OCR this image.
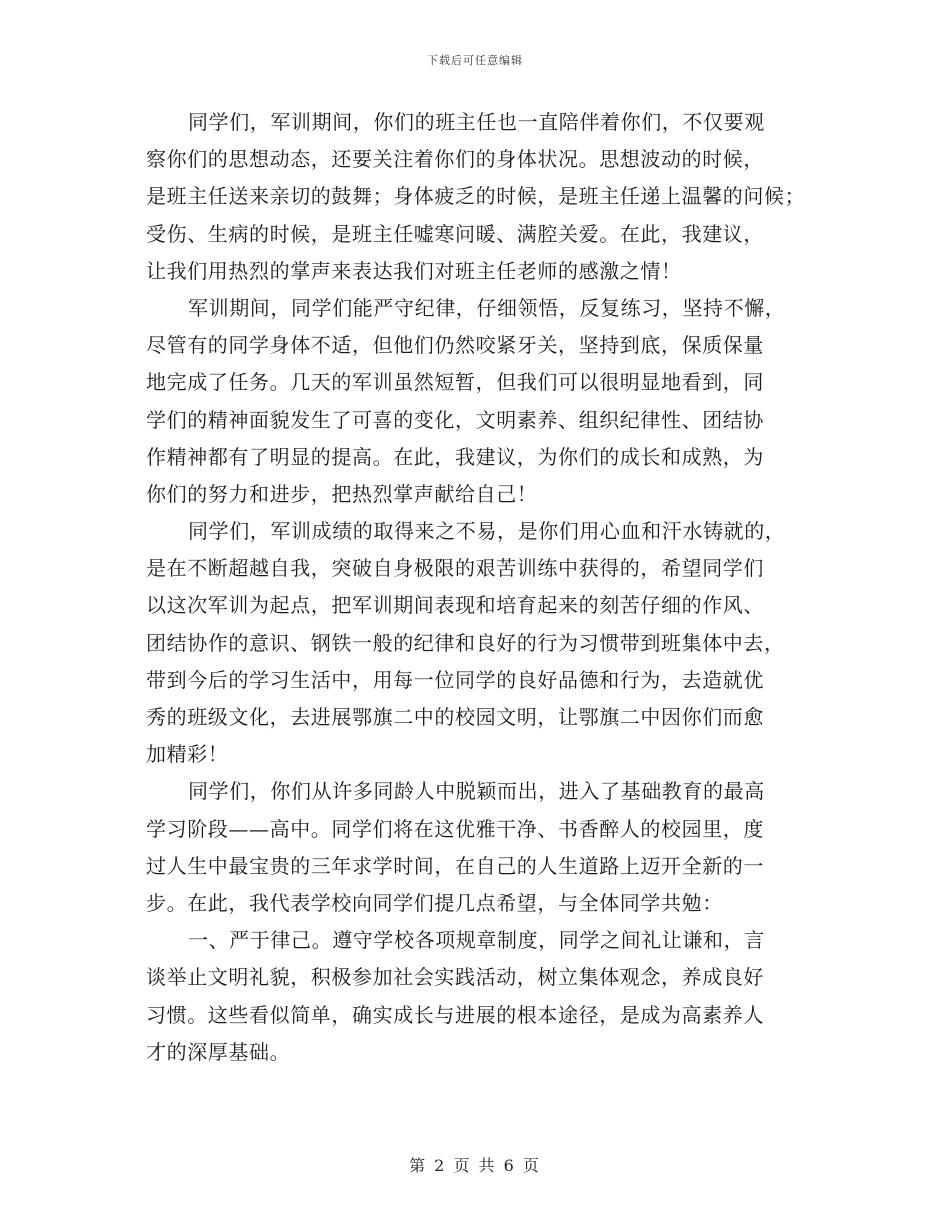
下载后可任意编辑
同学们，军训期间，你们的班主任也一直陪伴着你们，不仅要观
察你们的思想动态，还要关注着你们的身体状况。思想波动的时候，
是班主任送来亲切的鼓舞；身体疲乏的时候，是班主任递上温馨的问候；
受伤、生病的时候，是班主任嘘寒问暖、满腔关爱。在此，我建议，
让我们用热烈的掌声来表达我们对班主任老师的感激之情！
军训期间，同学们能严守纪律，仔细领悟，反复练习，坚持不懈，
尽管有的同学身体不适，但他们仍然咬紧牙关，坚持到底，保质保量
地完成了任务。几天的军训虽然短暂，但我们可以很明显地看到，同
学们的精神面貌发生了可喜的变化，文明素养、组织纪律性、团结协
作精神都有了明显的提高。在此，我建议，为你们的成长和成熟，为
你们的努力和进步，把热烈掌声献给自己！
同学们，军训成绩的取得来之不易，是你们用心血和汗水铸就的，
是在不断超越自我，突破自身极限的艰苦训练中获得的，希望同学们
以这次军训为起点，把军训期间表现和培育起来的刻苦仔细的作风、
团结协作的意识、钢铁一般的纪律和良好的行为习惯带到班集体中去，
带到今后的学习生活中，用每一位同学的良好品德和行为，去造就优
秀的班级文化，去进展鄂旗二中的校园文明，让鄂旗二中因你们而愈
加精彩！
同学们，你们从许多同龄人中脱颖而出，进入了基础教育的最高
学习阶段——高中。同学们将在这优雅干净、书香醉人的校园里，度
过人生中最宝贵的三年求学时间，在自己的人生道路上迈开全新的一
步。在此，我代表学校向同学们提几点希望，与全体同学共勉：
一、严于律己。遵守学校各项规章制度，同学之间礼让谦和，言
谈举止文明礼貌，积极参加社会实践活动，树立集体观念，养成良好
习惯。这些看似简单，确实成长与进展的根本途径，是成为高素养人
才的深厚基础。
第 2 页 共 6 页
